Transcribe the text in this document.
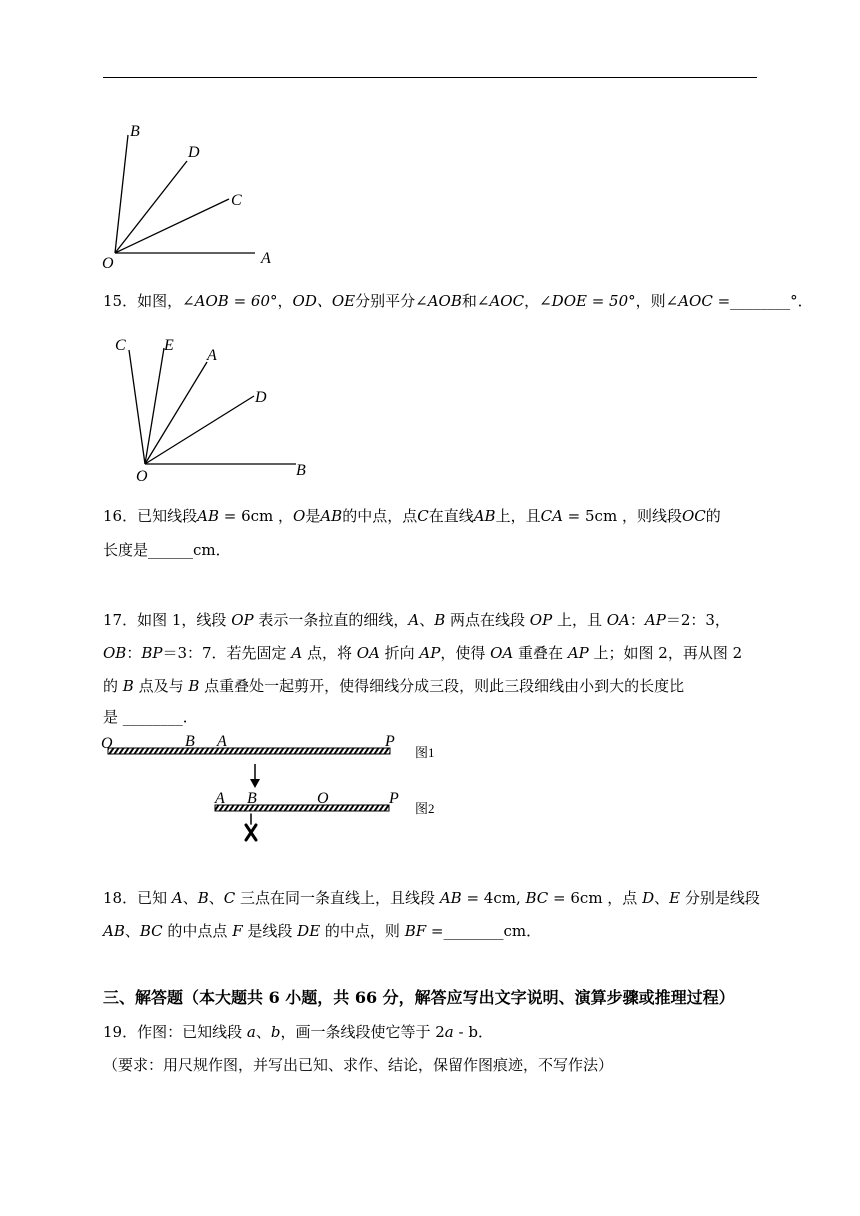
O	A
B
D
C
15．如图，∠AOB = 60°，OD、OE分别平分∠AOB和∠AOC，∠DOE = 50°，则∠AOC =________°．
C E
A
D
O	B
16．已知线段AB = 6cm ，O是AB的中点，点C在直线AB上，且CA = 5cm ，则线段OC的
长度是______cm．
17．如图 1，线段 OP 表示一条拉直的细线，A、B 两点在线段 OP 上，且 OA：AP＝2：3，
OB：BP＝3：7．若先固定 A 点，将 OA 折向 AP，使得 OA 重叠在 AP 上；如图 2，再从图 2
的 B 点及与 B 点重叠处一起剪开，使得细线分成三段，则此三段细线由小到大的长度比
是 ________．
O	B A	P
图1
A B	O	P
图2
18．已知 A、B、C 三点在同一条直线上，且线段 AB = 4cm, BC = 6cm ，点 D、E 分别是线段
AB、BC 的中点点 F 是线段 DE 的中点，则 BF =________cm．
三、解答题（本大题共 6 小题，共 66 分，解答应写出文字说明、演算步骤或推理过程）
19．作图：已知线段 a、b，画一条线段使它等于 2a - b．
（要求：用尺规作图，并写出已知、求作、结论，保留作图痕迹，不写作法）
